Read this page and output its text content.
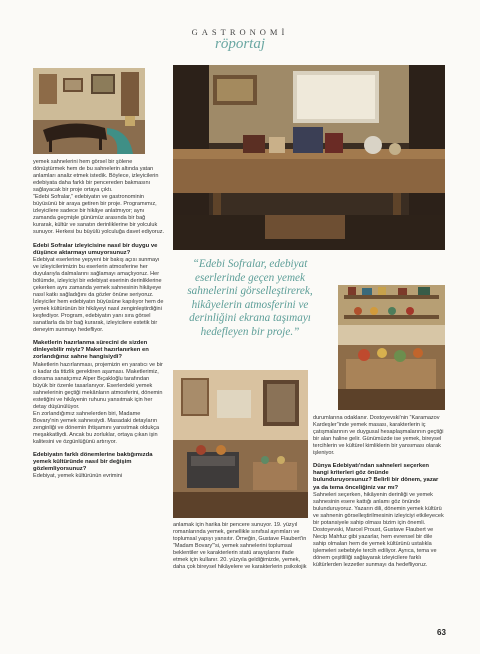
GASTRONOMİ
röportaj

yemek sahnelerini hem görsel bir şölene dönüştürmek hem de bu sahnelerin altında yatan anlamları analiz etmek istedik. Böylece, izleyicilerin edebiyata daha farklı bir pencereden bakmasını sağlayacak bir proje ortaya çıktı.

“Edebi Sofralar,” edebiyatın ve gastronominin büyüsünü bir araya getiren bir proje. Programımız, izleyicilere sadece bir hikâye anlatmıyor; aynı zamanda geçmişle günümüz arasında bir bağ kurarak, kültür ve sanatın derinliklerine bir yolculuk sunuyor. Herkesi bu büyülü yolculuğa davet ediyoruz.

Edebi Sofralar izleyicisine nasıl bir duygu ve düşünce aktarmayı umuyorsunuz?

Edebiyat eserlerine yepyeni bir bakış açısı sunmayı ve izleyicilerimizin bu eserlerin atmosferine her duyularıyla dalmalarını sağlamayı amaçlıyoruz. Her bölümde, izleyiciyi bir edebiyat eserinin derinliklerine çekerken aynı zamanda yemek sahnesinin hikâyeye nasıl katkı sağladığını da gözler önüne seriyoruz. İzleyiciler hem edebiyatın büyüsüne kapılıyor hem de yemek kültürünün bir hikâyeyi nasıl zenginleştirdiğini keşfediyor. Program, edebiyatın yanı sıra görsel sanatlarla da bir bağ kurarak, izleyicilere estetik bir deneyim sunmayı hedefliyor.

Maketlerin hazırlanma sürecini de sizden dinleyebilir miyiz? Maket hazırlanırken en zorlandığınız sahne hangisiydi?

Maketlerin hazırlanması, projemizin en yaratıcı ve bir o kadar da titizlik gerektiren aşaması. Maketlerimiz, diorama sanatçımız Alper Bıçakloğlu tarafından büyük bir özenle tasarlanıyor. Eserlerdeki yemek sahnelerinin geçtiği mekânların atmosferini, dönemin estetiğini ve hikâyenin ruhunu yansıtmak için her detay düşünülüyor.

En zorlandığımız sahnelerden biri, Madame Bovary'nin yemek sahnesiydi. Masadaki detayların zenginliği ve dönemin ihtişamını yansıtmak oldukça meşakkatliydi. Ancak bu zorluklar, ortaya çıkan işin kalitesini ve özgünlüğünü artırıyor.

Edebiyatın farklı dönemlerine baktığımızda yemek kültüründe nasıl bir değişim gözlemliyorsunuz?

Edebiyat, yemek kültürünün evrimini

“Edebi Sofralar, edebiyat eserlerinde geçen yemek sahnelerini görselleştirerek, hikâyelerin atmosferini ve derinliğini ekrana taşımayı hedefleyen bir proje.”

anlamak için harika bir pencere sunuyor. 19. yüzyıl romanlarında yemek, genellikle sınıfsal ayrımları ve toplumsal yapıyı yansıtır. Örneğin, Gustave Flaubert'in “Madam Bovary”'si, yemek sahnelerini toplumsal beklentiler ve karakterlerin statü arayışlarını ifade etmek için kullanır. 20. yüzyıla geldiğimizde, yemek, daha çok bireysel hikâyelere ve karakterlerin psikolojik

durumlarına odaklanır. Dostoyevski'nin “Karamazov Kardeşler”inde yemek masası, karakterlerin iç çatışmalarının ve duygusal hesaplaşmalarının geçtiği bir alan haline gelir. Günümüzde ise yemek, bireysel tercihlerin ve kültürel kimliklerin bir yansıması olarak işleniyor.

Dünya Edebiyatı'ndan sahneleri seçerken hangi kriterleri göz önünde bulunduruyorsunuz? Belirli bir dönem, yazar ya da tema önceliğiniz var mı?

Sahneleri seçerken, hikâyenin derinliği ve yemek sahnesinin esere kattığı anlamı göz önünde bulunduruyoruz. Yazarın dili, dönemin yemek kültürü ve sahnenin görselleştirilmesinin izleyiciyi etkileyecek bir potansiyele sahip olması bizim için önemli. Dostoyevski, Marcel Proust, Gustave Flaubert ve Necip Mahfuz gibi yazarlar, hem evrensel bir dile sahip olmaları hem de yemek kültürünü ustalıkla işlemeleri sebebiyle tercih ediliyor. Ayrıca, tema ve dönem çeşitliliği sağlayarak izleyicilere farklı kültürlerden lezzetler sunmayı da hedefliyoruz.

63
